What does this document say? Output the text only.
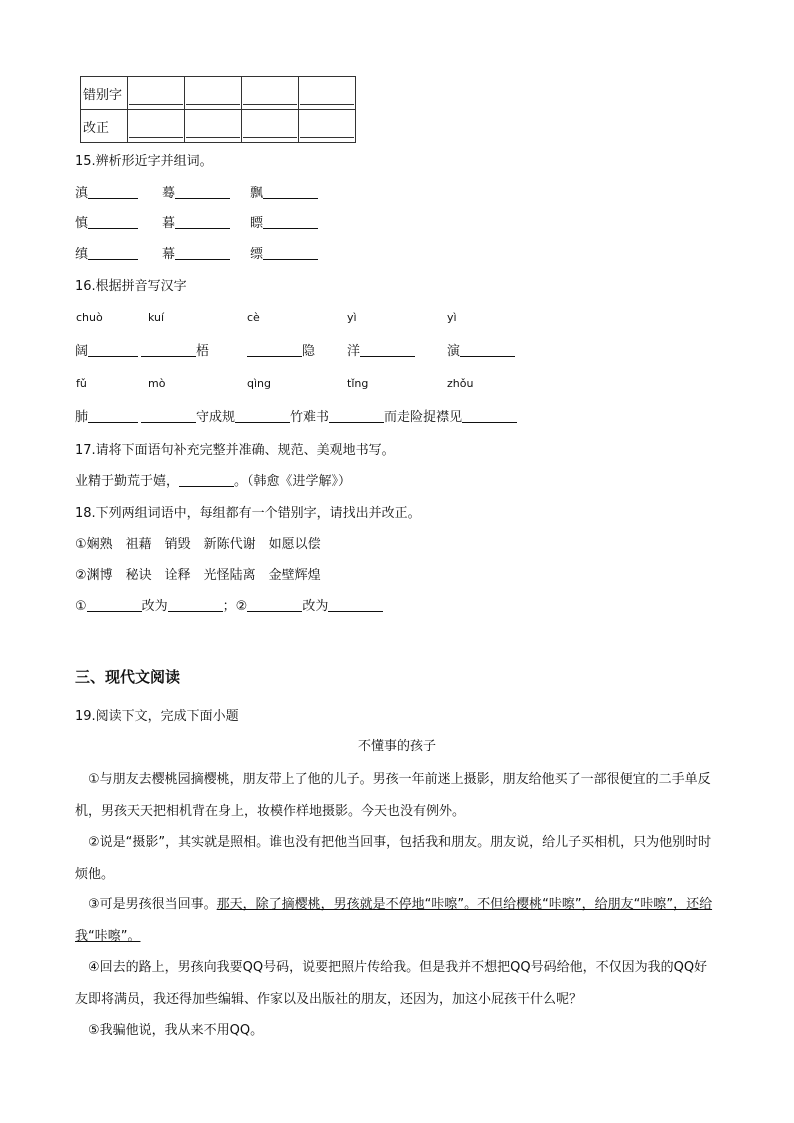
错别字	

改正	

15.辨析形近字并组词。
滇	蓦	飘
慎	暮	瞟
缜	幕	缥
16.根据拼音写汉字
chuò	kuí	cè	yì	yì
阔	梧	隐 洋	演
fǔ	mò	qìng	tǐng	zhǒu
肺	守成规	竹难书	而走险捉襟见
17.请将下面语句补充完整并准确、规范、美观地书写。
业精于勤荒于嬉，	。（韩愈《进学解》）
18.下列两组词语中，每组都有一个错别字，请找出并改正。
①娴熟　祖藉　销毁　新陈代谢　如愿以偿
②渊博　秘诀　诠释　光怪陆离　金壁辉煌
①	改为	；②	改为
三、现代文阅读
19.阅读下文，完成下面小题
不懂事的孩子
①与朋友去樱桃园摘樱桃，朋友带上了他的儿子。男孩一年前迷上摄影，朋友给他买了一部很便宜的二手单反机，男孩天天把相机背在身上，妆模作样地摄影。今天也没有例外。
②说是“摄影”，其实就是照相。谁也没有把他当回事，包括我和朋友。朋友说，给儿子买相机，只为他别时时烦他。
③可是男孩很当回事。那天，除了摘樱桃，男孩就是不停地“咔嚓”。不但给樱桃“咔嚓”，给朋友“咔嚓”，还给我“咔嚓”。
④回去的路上，男孩向我要QQ号码，说要把照片传给我。但是我并不想把QQ号码给他，不仅因为我的QQ好友即将满员，我还得加些编辑、作家以及出版社的朋友，还因为，加这小屁孩干什么呢？
⑤我骗他说，我从来不用QQ。
